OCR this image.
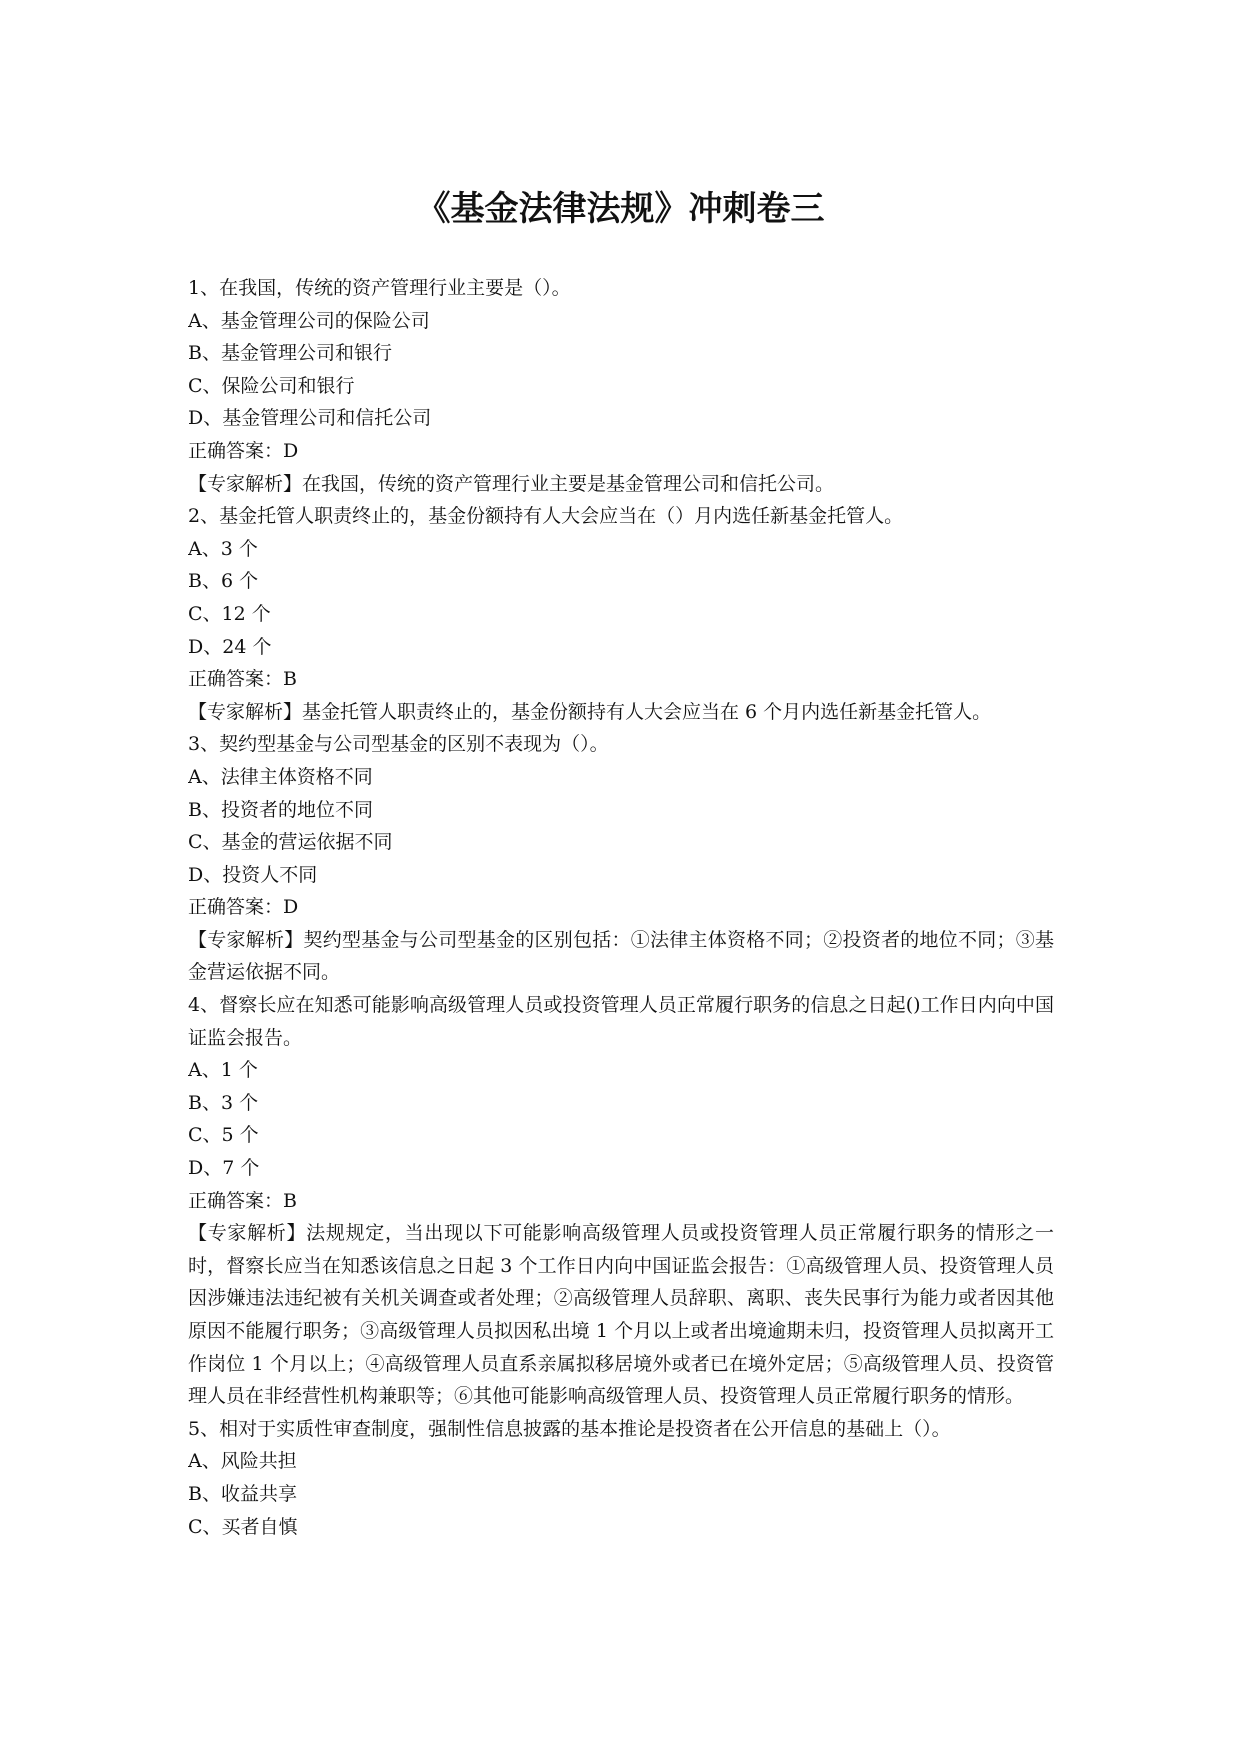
《基金法律法规》冲刺卷三

1、在我国，传统的资产管理行业主要是（）。

A、基金管理公司的保险公司

B、基金管理公司和银行

C、保险公司和银行

D、基金管理公司和信托公司

正确答案：D

【专家解析】在我国，传统的资产管理行业主要是基金管理公司和信托公司。

2、基金托管人职责终止的，基金份额持有人大会应当在（）月内选任新基金托管人。

A、3 个

B、6 个

C、12 个

D、24 个

正确答案：B

【专家解析】基金托管人职责终止的，基金份额持有人大会应当在 6 个月内选任新基金托管人。

3、契约型基金与公司型基金的区别不表现为（）。

A、法律主体资格不同

B、投资者的地位不同

C、基金的营运依据不同

D、投资人不同

正确答案：D

【专家解析】契约型基金与公司型基金的区别包括：①法律主体资格不同；②投资者的地位不同；③基金营运依据不同。

4、督察长应在知悉可能影响高级管理人员或投资管理人员正常履行职务的信息之日起()工作日内向中国证监会报告。

A、1 个

B、3 个

C、5 个

D、7 个

正确答案：B

【专家解析】法规规定，当出现以下可能影响高级管理人员或投资管理人员正常履行职务的情形之一时，督察长应当在知悉该信息之日起 3 个工作日内向中国证监会报告：①高级管理人员、投资管理人员因涉嫌违法违纪被有关机关调查或者处理；②高级管理人员辞职、离职、丧失民事行为能力或者因其他原因不能履行职务；③高级管理人员拟因私出境 1 个月以上或者出境逾期未归，投资管理人员拟离开工作岗位 1 个月以上；④高级管理人员直系亲属拟移居境外或者已在境外定居；⑤高级管理人员、投资管理人员在非经营性机构兼职等；⑥其他可能影响高级管理人员、投资管理人员正常履行职务的情形。

5、相对于实质性审查制度，强制性信息披露的基本推论是投资者在公开信息的基础上（）。

A、风险共担

B、收益共享

C、买者自慎
